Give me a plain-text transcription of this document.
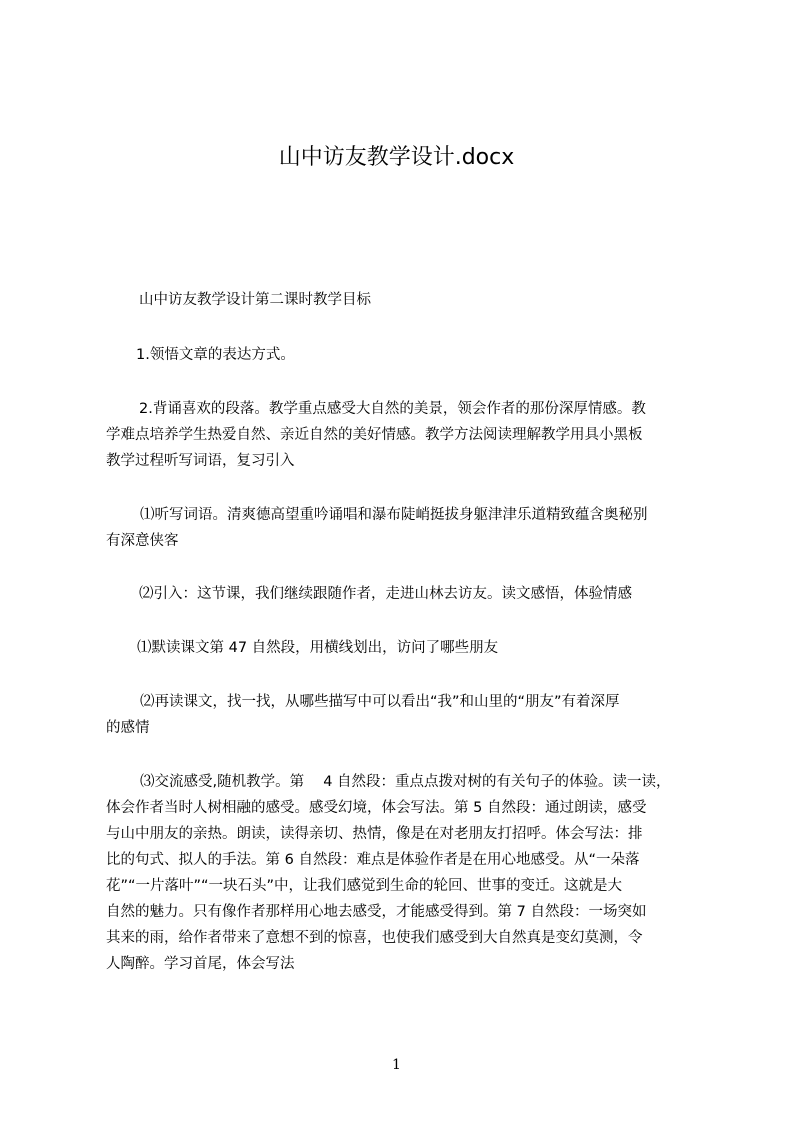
山中访友教学设计.docx
山中访友教学设计第二课时教学目标
1.领悟文章的表达方式。
2.背诵喜欢的段落。教学重点感受大自然的美景，领会作者的那份深厚情感。教
学难点培养学生热爱自然、亲近自然的美好情感。教学方法阅读理解教学用具小黑板
教学过程听写词语，复习引入
⑴听写词语。清爽德高望重吟诵唱和瀑布陡峭挺拔身躯津津乐道精致蕴含奥秘别
有深意侠客
⑵引入：这节课，我们继续跟随作者，走进山林去访友。读文感悟，体验情感
⑴默读课文第 47 自然段，用横线划出，访问了哪些朋友
⑵再读课文，找一找，从哪些描写中可以看出“我”和山里的“朋友”有着深厚
的感情
⑶交流感受,随机教学。第　 4 自然段：重点点拨对树的有关句子的体验。读一读，
体会作者当时人树相融的感受。感受幻境，体会写法。第 5 自然段：通过朗读，感受
与山中朋友的亲热。朗读，读得亲切、热情，像是在对老朋友打招呼。体会写法：排
比的句式、拟人的手法。第 6 自然段：难点是体验作者是在用心地感受。从“一朵落
花”“一片落叶”“一块石头”中，让我们感觉到生命的轮回、世事的变迁。这就是大
自然的魅力。只有像作者那样用心地去感受，才能感受得到。第 7 自然段：一场突如
其来的雨，给作者带来了意想不到的惊喜，也使我们感受到大自然真是变幻莫测，令
人陶醉。学习首尾，体会写法
1
